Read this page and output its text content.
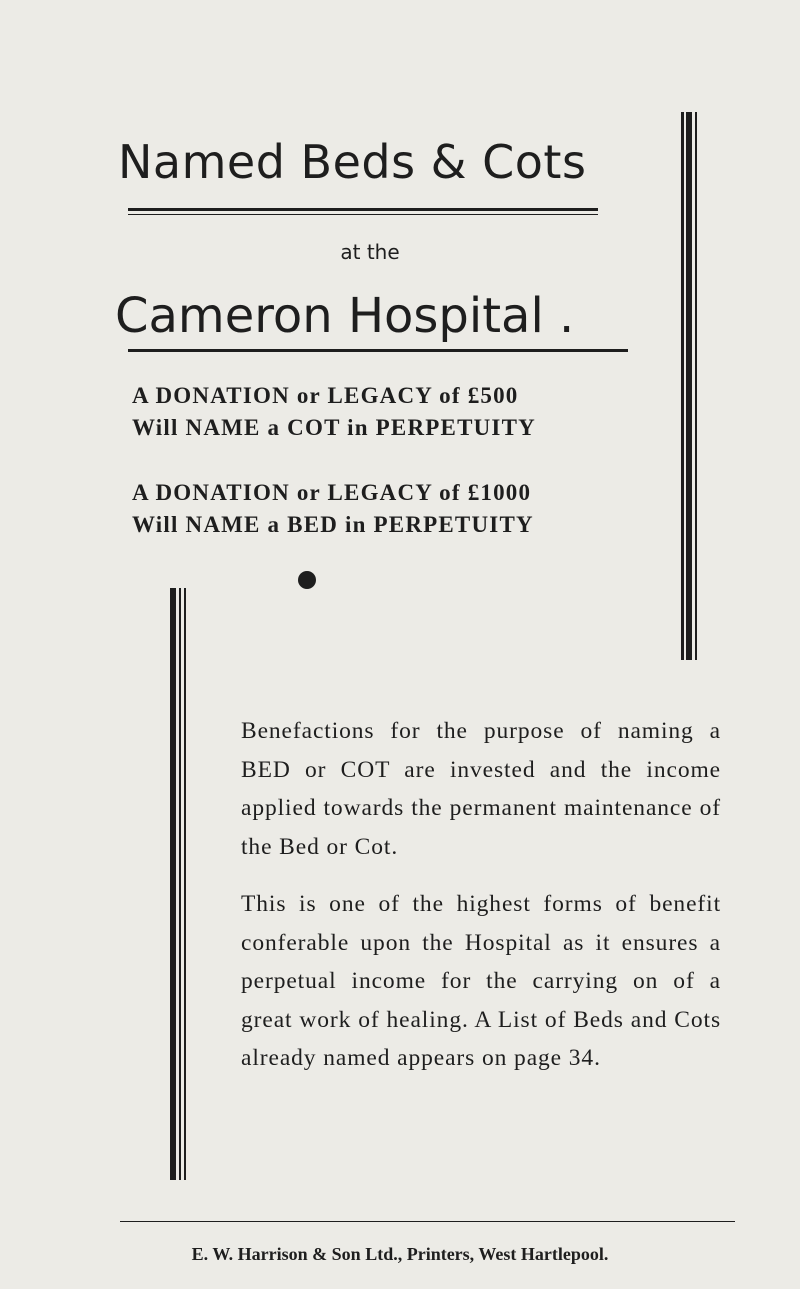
Named Beds & Cots
at the
Cameron Hospital .
A DONATION or LEGACY of £500
Will NAME a COT in PERPETUITY
A DONATION or LEGACY of £1000
Will NAME a BED in PERPETUITY

Benefactions for the purpose of naming a BED or COT are invested and the income applied towards the permanent maintenance of the Bed or Cot.

This is one of the highest forms of benefit conferable upon the Hospital as it ensures a perpetual income for the carrying on of a great work of healing. A List of Beds and Cots already named appears on page 34.

E. W. Harrison & Son Ltd., Printers, West Hartlepool.
